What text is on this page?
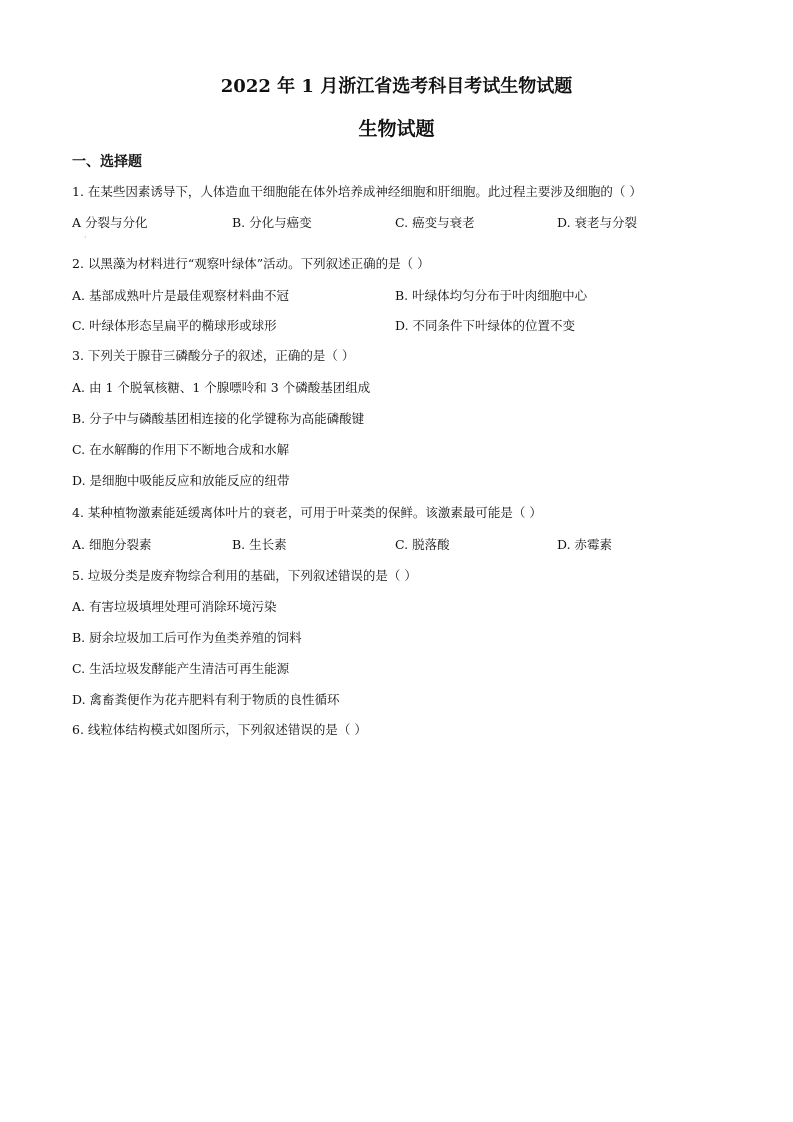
2022 年 1 月浙江省选考科目考试生物试题
生物试题
一、选择题
1. 在某些因素诱导下，人体造血干细胞能在体外培养成神经细胞和肝细胞。此过程主要涉及细胞的（ ）
A 分裂与分化	B. 分化与癌变	C. 癌变与衰老	D. 衰老与分裂
·
2. 以黑藻为材料进行“观察叶绿体”活动。下列叙述正确的是（ ）
A. 基部成熟叶片是最佳观察材料曲不冠	B. 叶绿体均匀分布于叶肉细胞中心
C. 叶绿体形态呈扁平的椭球形或球形	D. 不同条件下叶绿体的位置不变
3. 下列关于腺苷三磷酸分子的叙述，正确的是（ ）
A. 由 1 个脱氧核糖、1 个腺嘌呤和 3 个磷酸基团组成
B. 分子中与磷酸基团相连接的化学键称为高能磷酸键
C. 在水解酶的作用下不断地合成和水解
D. 是细胞中吸能反应和放能反应的纽带
4. 某种植物激素能延缓离体叶片的衰老，可用于叶菜类的保鲜。该激素最可能是（ ）
A. 细胞分裂素	B. 生长素	C. 脱落酸	D. 赤霉素
5. 垃圾分类是废弃物综合利用的基础，下列叙述错误的是（ ）
A. 有害垃圾填埋处理可消除环境污染
B. 厨余垃圾加工后可作为鱼类养殖的饲料
C. 生活垃圾发酵能产生清洁可再生能源
D. 禽畜粪便作为花卉肥料有利于物质的良性循环
6. 线粒体结构模式如图所示，下列叙述错误的是（ ）
